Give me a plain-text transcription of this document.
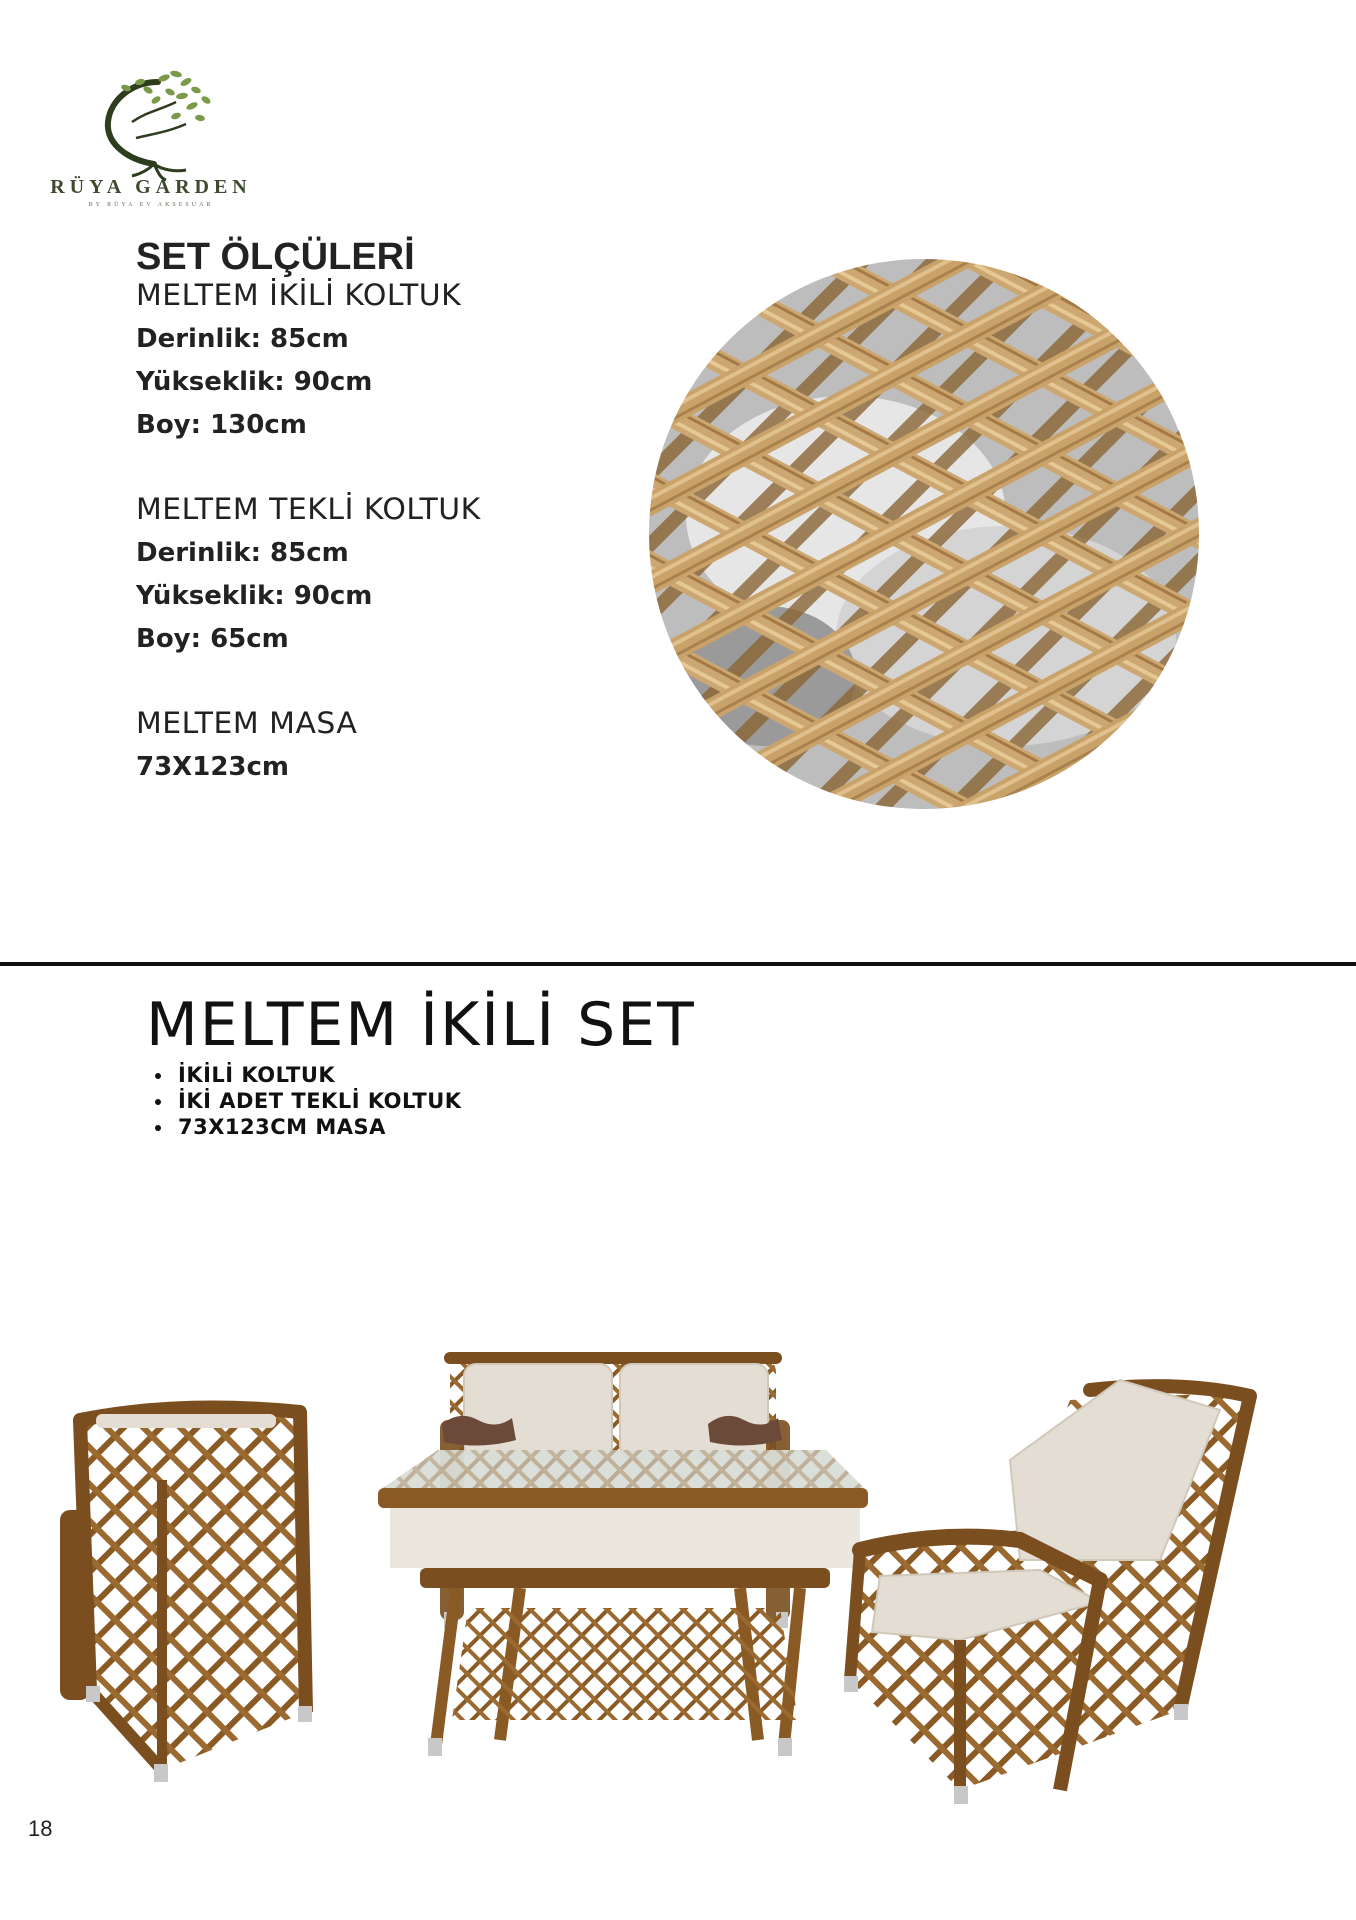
RÜYA GARDEN
BY RÜYA EV AKSESUAR
SET ÖLÇÜLERİ
MELTEM İKİLİ KOLTUK
Derinlik: 85cm
Yükseklik: 90cm
Boy: 130cm
MELTEM TEKLİ KOLTUK
Derinlik: 85cm
Yükseklik: 90cm
Boy: 65cm
MELTEM MASA
73X123cm
MELTEM İKİLİ SET
• İKİLİ KOLTUK
• İKİ ADET TEKLİ KOLTUK
• 73X123CM MASA
18
